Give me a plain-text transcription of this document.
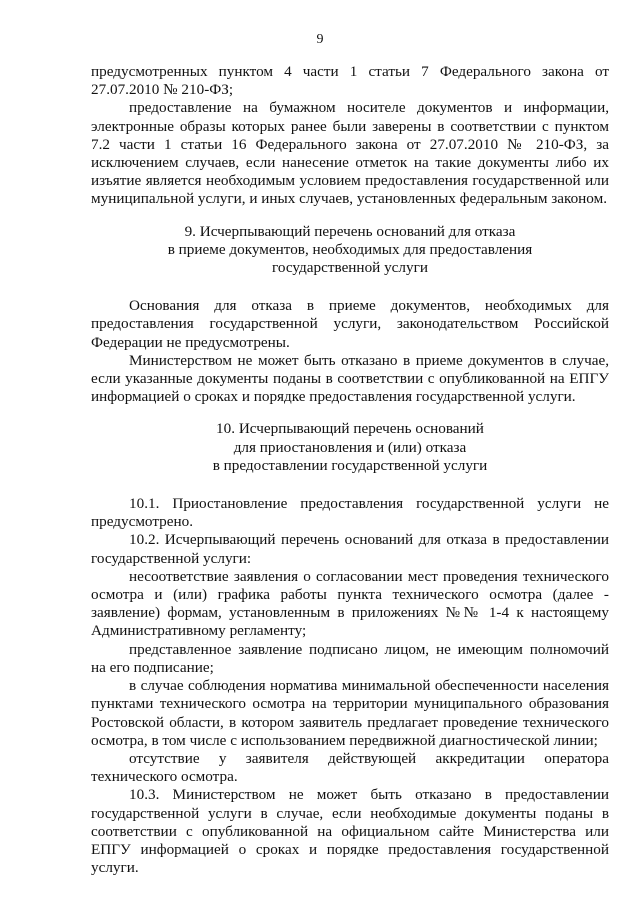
9

предусмотренных пунктом 4 части 1 статьи 7 Федерального закона от 27.07.2010 № 210-ФЗ;

предоставление на бумажном носителе документов и информации, электронные образы которых ранее были заверены в соответствии с пунктом 7.2 части 1 статьи 16 Федерального закона от 27.07.2010 № 210-ФЗ, за исключением случаев, если нанесение отметок на такие документы либо их изъятие является необходимым условием предоставления государственной или муниципальной услуги, и иных случаев, установленных федеральным законом.

9. Исчерпывающий перечень оснований для отказа
в приеме документов, необходимых для предоставления
государственной услуги

Основания для отказа в приеме документов, необходимых для предоставления государственной услуги, законодательством Российской Федерации не предусмотрены.

Министерством не может быть отказано в приеме документов в случае, если указанные документы поданы в соответствии с опубликованной на ЕПГУ информацией о сроках и порядке предоставления государственной услуги.

10. Исчерпывающий перечень оснований
для приостановления и (или) отказа
в предоставлении государственной услуги

10.1. Приостановление предоставления государственной услуги не предусмотрено.

10.2. Исчерпывающий перечень оснований для отказа в предоставлении государственной услуги:

несоответствие заявления о согласовании мест проведения технического осмотра и (или) графика работы пункта технического осмотра (далее - заявление) формам, установленным в приложениях №№ 1-4 к настоящему Административному регламенту;

представленное заявление подписано лицом, не имеющим полномочий на его подписание;

в случае соблюдения норматива минимальной обеспеченности населения пунктами технического осмотра на территории муниципального образования Ростовской области, в котором заявитель предлагает проведение технического осмотра, в том числе с использованием передвижной диагностической линии;

отсутствие у заявителя действующей аккредитации оператора технического осмотра.

10.3. Министерством не может быть отказано в предоставлении государственной услуги в случае, если необходимые документы поданы в соответствии с опубликованной на официальном сайте Министерства или ЕПГУ информацией о сроках и порядке предоставления государственной услуги.
